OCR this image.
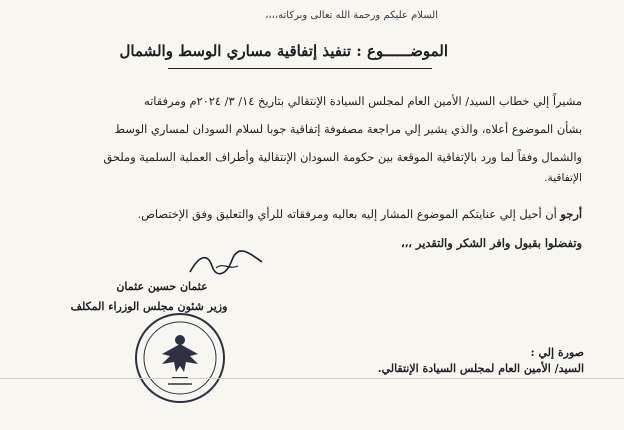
السلام عليكم ورحمة الله تعالى وبركاته،،،،
الموضــــــوع : تنفيذ إتفاقية مساري الوسط والشمال
مشيراً إلي خطاب السيد/ الأمين العام لمجلس السيادة الإنتقالي بتاريخ ١٤/ ٣/ ٢٠٢٤م ومرفقاته
بشأن الموضوع أعلاه، والذي يشير إلي مراجعة مصفوفة إتفاقية جوبا لسلام السودان لمساري الوسط
والشمال وفقاً لما ورد بالإتفاقية الموقعة بين حكومة السودان الإنتقالية وأطراف العملية السلمية وملحق
الإتفاقية.
أرجو أن أحيل إلي عنايتكم الموضوع المشار إليه بعاليه ومرفقاته للرأي والتعليق وفق الإختصاص.
وتفضلوا بقبول وافر الشكر والتقدير ،،،
عثمان حسين عثمان
وزير شئون مجلس الوزراء المكلف
صورة إلي :
السيد/ الأمين العام لمجلس السيادة الإنتقالي.
